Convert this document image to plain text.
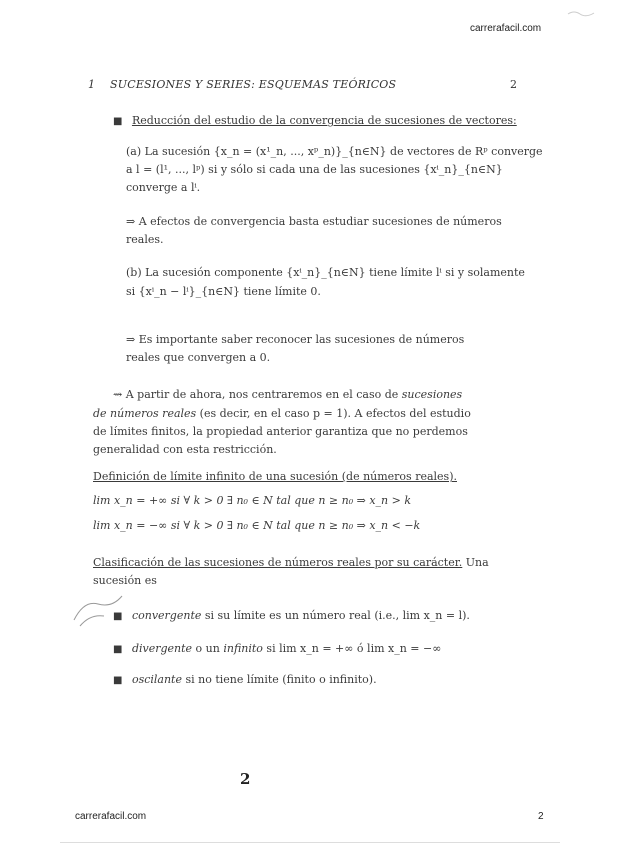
carrerafacil.com
1 SUCESIONES Y SERIES: ESQUEMAS TEÓRICOS	2
■ Reducción del estudio de la convergencia de sucesiones de vectores:
(a) La sucesión {x_n = (x¹_n, ..., xᵖ_n)}_{n∈N} de vectores de Rᵖ converge
a l = (l¹, ..., lᵖ) si y sólo si cada una de las sucesiones {xⁱ_n}_{n∈N}
converge a lⁱ.
⇒ A efectos de convergencia basta estudiar sucesiones de números
reales.
(b) La sucesión componente {xⁱ_n}_{n∈N} tiene límite lⁱ si y solamente
si {xⁱ_n − lⁱ}_{n∈N} tiene límite 0.
⇒ Es importante saber reconocer las sucesiones de números
reales que convergen a 0.
⇝ A partir de ahora, nos centraremos en el caso de sucesiones
de números reales (es decir, en el caso p = 1). A efectos del estudio
de límites finitos, la propiedad anterior garantiza que no perdemos
generalidad con esta restricción.
Definición de límite infinito de una sucesión (de números reales).
lim x_n = +∞ si ∀ k > 0 ∃ n₀ ∈ N tal que n ≥ n₀ ⇒ x_n > k
lim x_n = −∞ si ∀ k > 0 ∃ n₀ ∈ N tal que n ≥ n₀ ⇒ x_n < −k
Clasificación de las sucesiones de números reales por su carácter. Una
sucesión es
■ convergente si su límite es un número real (i.e., lim x_n = l).
■ divergente o un infinito si lim x_n = +∞ ó lim x_n = −∞
■ oscilante si no tiene límite (finito o infinito).
2
carrerafacil.com	2
